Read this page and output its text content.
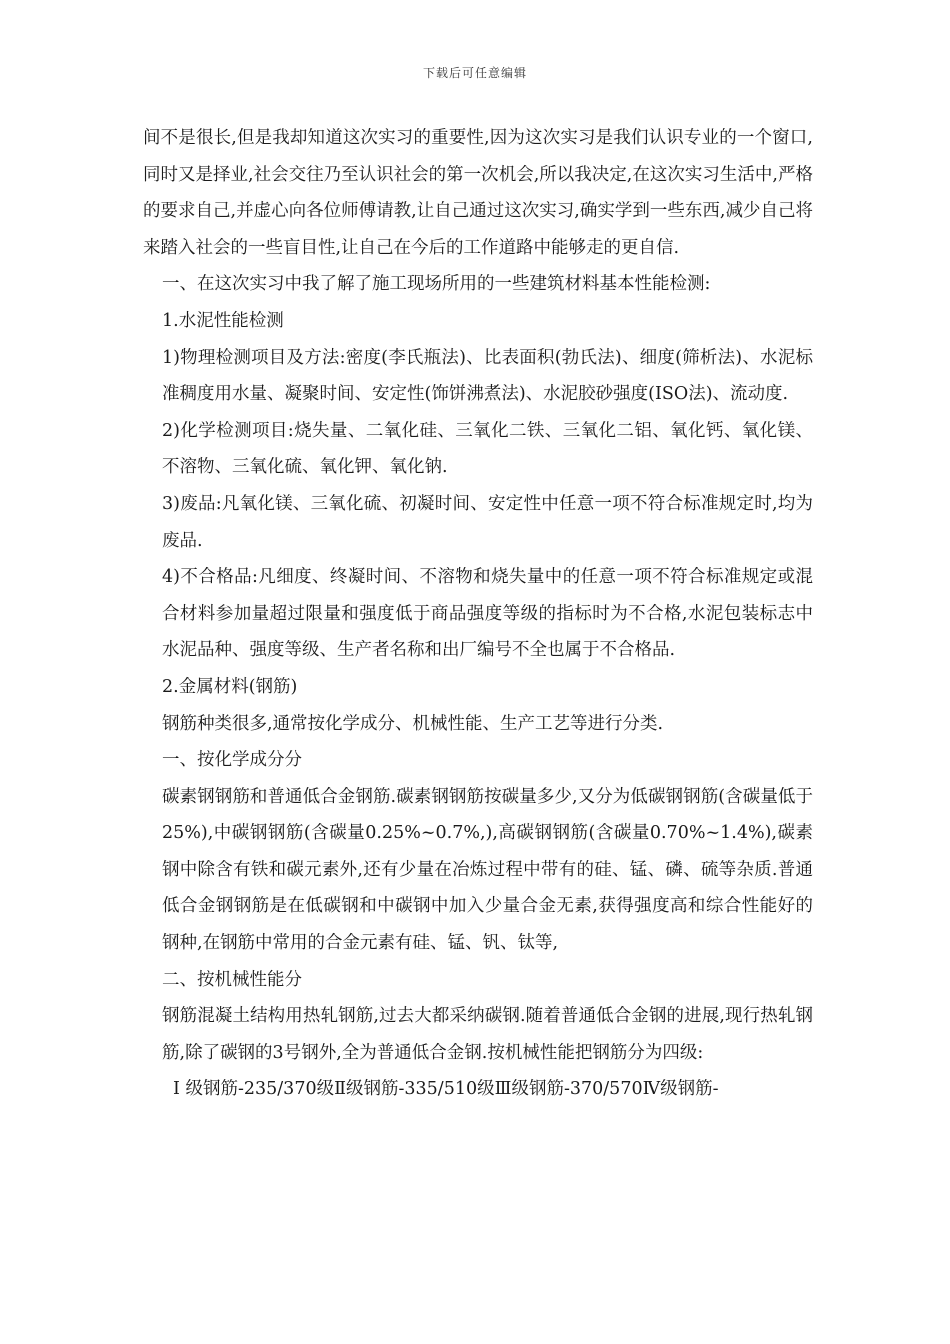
下载后可任意编辑

间不是很长,但是我却知道这次实习的重要性,因为这次实习是我们认识专业的一个窗口,同时又是择业,社会交往乃至认识社会的第一次机会,所以我决定,在这次实习生活中,严格的要求自己,并虚心向各位师傅请教,让自己通过这次实习,确实学到一些东西,减少自己将来踏入社会的一些盲目性,让自己在今后的工作道路中能够走的更自信.

一、在这次实习中我了解了施工现场所用的一些建筑材料基本性能检测:

1.水泥性能检测

1)物理检测项目及方法:密度(李氏瓶法)、比表面积(勃氏法)、细度(筛析法)、水泥标准稠度用水量、凝聚时间、安定性(饰饼沸煮法)、水泥胶砂强度(ISO法)、流动度.

2)化学检测项目:烧失量、二氧化硅、三氧化二铁、三氧化二铝、氧化钙、氧化镁、不溶物、三氧化硫、氧化钾、氧化钠.

3)废品:凡氧化镁、三氧化硫、初凝时间、安定性中任意一项不符合标准规定时,均为废品.

4)不合格品:凡细度、终凝时间、不溶物和烧失量中的任意一项不符合标准规定或混合材料参加量超过限量和强度低于商品强度等级的指标时为不合格,水泥包装标志中水泥品种、强度等级、生产者名称和出厂编号不全也属于不合格品.

2.金属材料(钢筋)

钢筋种类很多,通常按化学成分、机械性能、生产工艺等进行分类.

一、按化学成分分

碳素钢钢筋和普通低合金钢筋.碳素钢钢筋按碳量多少,又分为低碳钢钢筋(含碳量低于25%),中碳钢钢筋(含碳量0.25%~0.7%,),高碳钢钢筋(含碳量0.70%~1.4%),碳素钢中除含有铁和碳元素外,还有少量在冶炼过程中带有的硅、锰、磷、硫等杂质.普通低合金钢钢筋是在低碳钢和中碳钢中加入少量合金无素,获得强度高和综合性能好的钢种,在钢筋中常用的合金元素有硅、锰、钒、钛等,

二、按机械性能分

钢筋混凝土结构用热轧钢筋,过去大都采纳碳钢.随着普通低合金钢的进展,现行热轧钢筋,除了碳钢的3号钢外,全为普通低合金钢.按机械性能把钢筋分为四级:

Ⅰ 级钢筋-235/370级Ⅱ级钢筋-335/510级Ⅲ级钢筋-370/570Ⅳ级钢筋-
